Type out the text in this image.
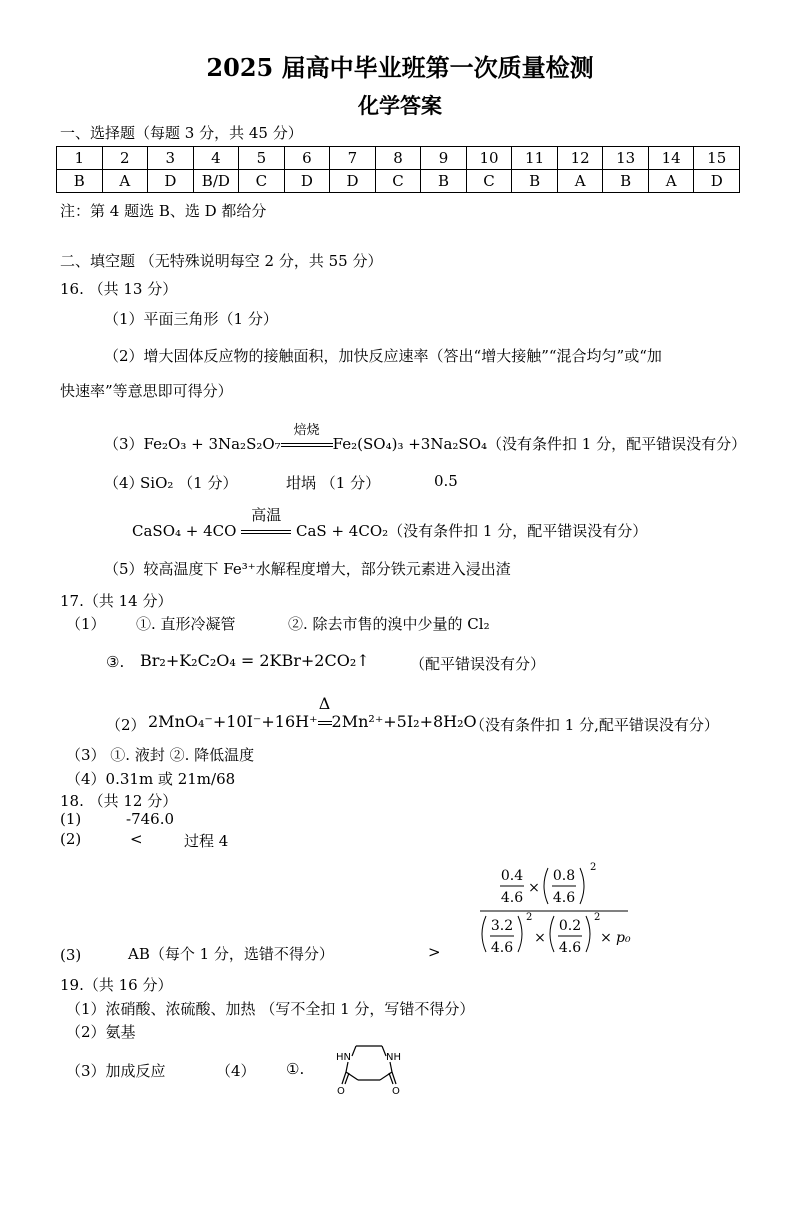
2025 届高中毕业班第一次质量检测
化学答案
一、选择题（每题 3 分，共 45 分）
1	2	3	4	5	6	7	8	9	10	11	12	13	14	15
B	A	D	B/D	C	D	D	C	B	C	B	A	B	A	D
注：第 4 题选 B、选 D 都给分
二、填空题 （无特殊说明每空 2 分，共 55 分）
16. （共 13 分）
（1）平面三角形（1 分）
（2）增大固体反应物的接触面积，加快反应速率（答出“增大接触”“混合均匀”或“加
快速率”等意思即可得分）
（3）Fe₂O₃ + 3Na₂S₂O₇
焙烧
Fe₂(SO₄)₃ +3Na₂SO₄（没有条件扣 1 分，配平错误没有分）
（4）
SiO₂ （1 分）	坩埚 （1 分）	0.5
CaSO₄ + 4CO
高温
CaS + 4CO₂（没有条件扣 1 分，配平错误没有分）
（5）较高温度下 Fe³⁺水解程度增大，部分铁元素进入浸出渣
17.（共 14 分）
（1） ①. 直形冷凝管	②. 除去市售的溴中少量的 Cl₂
③. Br₂+K₂C₂O₄ = 2KBr+2CO₂↑	（配平错误没有分）
（2） 2MnO₄⁻+10I⁻+16H⁺
Δ
2Mn²⁺+5I₂+8H₂O
（没有条件扣 1 分,配平错误没有分）
（3） ①. 液封 ②. 降低温度
（4）0.31m 或 21m/68
18. （共 12 分）
(1)	-746.0
(2)	<	过程 4
(3)	AB（每个 1 分，选错不得分）	>
0.4
4.6
×
0.8
4.6
2
3.2
4.6
2
×
0.2
4.6
2
× p₀
19.（共 16 分）
（1）浓硝酸、浓硫酸、加热 （写不全扣 1 分，写错不得分）
（2）氨基
（3）加成反应	（4） ①.
HN	NH
O	O
